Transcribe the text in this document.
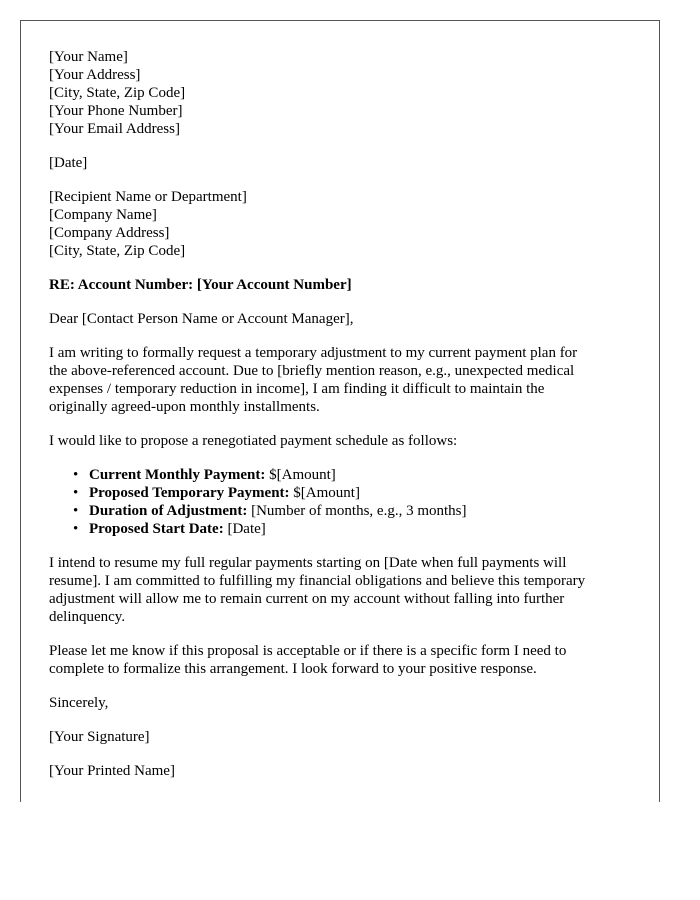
[Your Name]
[Your Address]
[City, State, Zip Code]
[Your Phone Number]
[Your Email Address]
[Date]
[Recipient Name or Department]
[Company Name]
[Company Address]
[City, State, Zip Code]
RE: Account Number: [Your Account Number]
Dear [Contact Person Name or Account Manager],
I am writing to formally request a temporary adjustment to my current payment plan for
the above-referenced account. Due to [briefly mention reason, e.g., unexpected medical
expenses / temporary reduction in income], I am finding it difficult to maintain the
originally agreed-upon monthly installments.
I would like to propose a renegotiated payment schedule as follows:
• Current Monthly Payment: $[Amount]
• Proposed Temporary Payment: $[Amount]
• Duration of Adjustment: [Number of months, e.g., 3 months]
• Proposed Start Date: [Date]
I intend to resume my full regular payments starting on [Date when full payments will
resume]. I am committed to fulfilling my financial obligations and believe this temporary
adjustment will allow me to remain current on my account without falling into further
delinquency.
Please let me know if this proposal is acceptable or if there is a specific form I need to
complete to formalize this arrangement. I look forward to your positive response.
Sincerely,
[Your Signature]
[Your Printed Name]
